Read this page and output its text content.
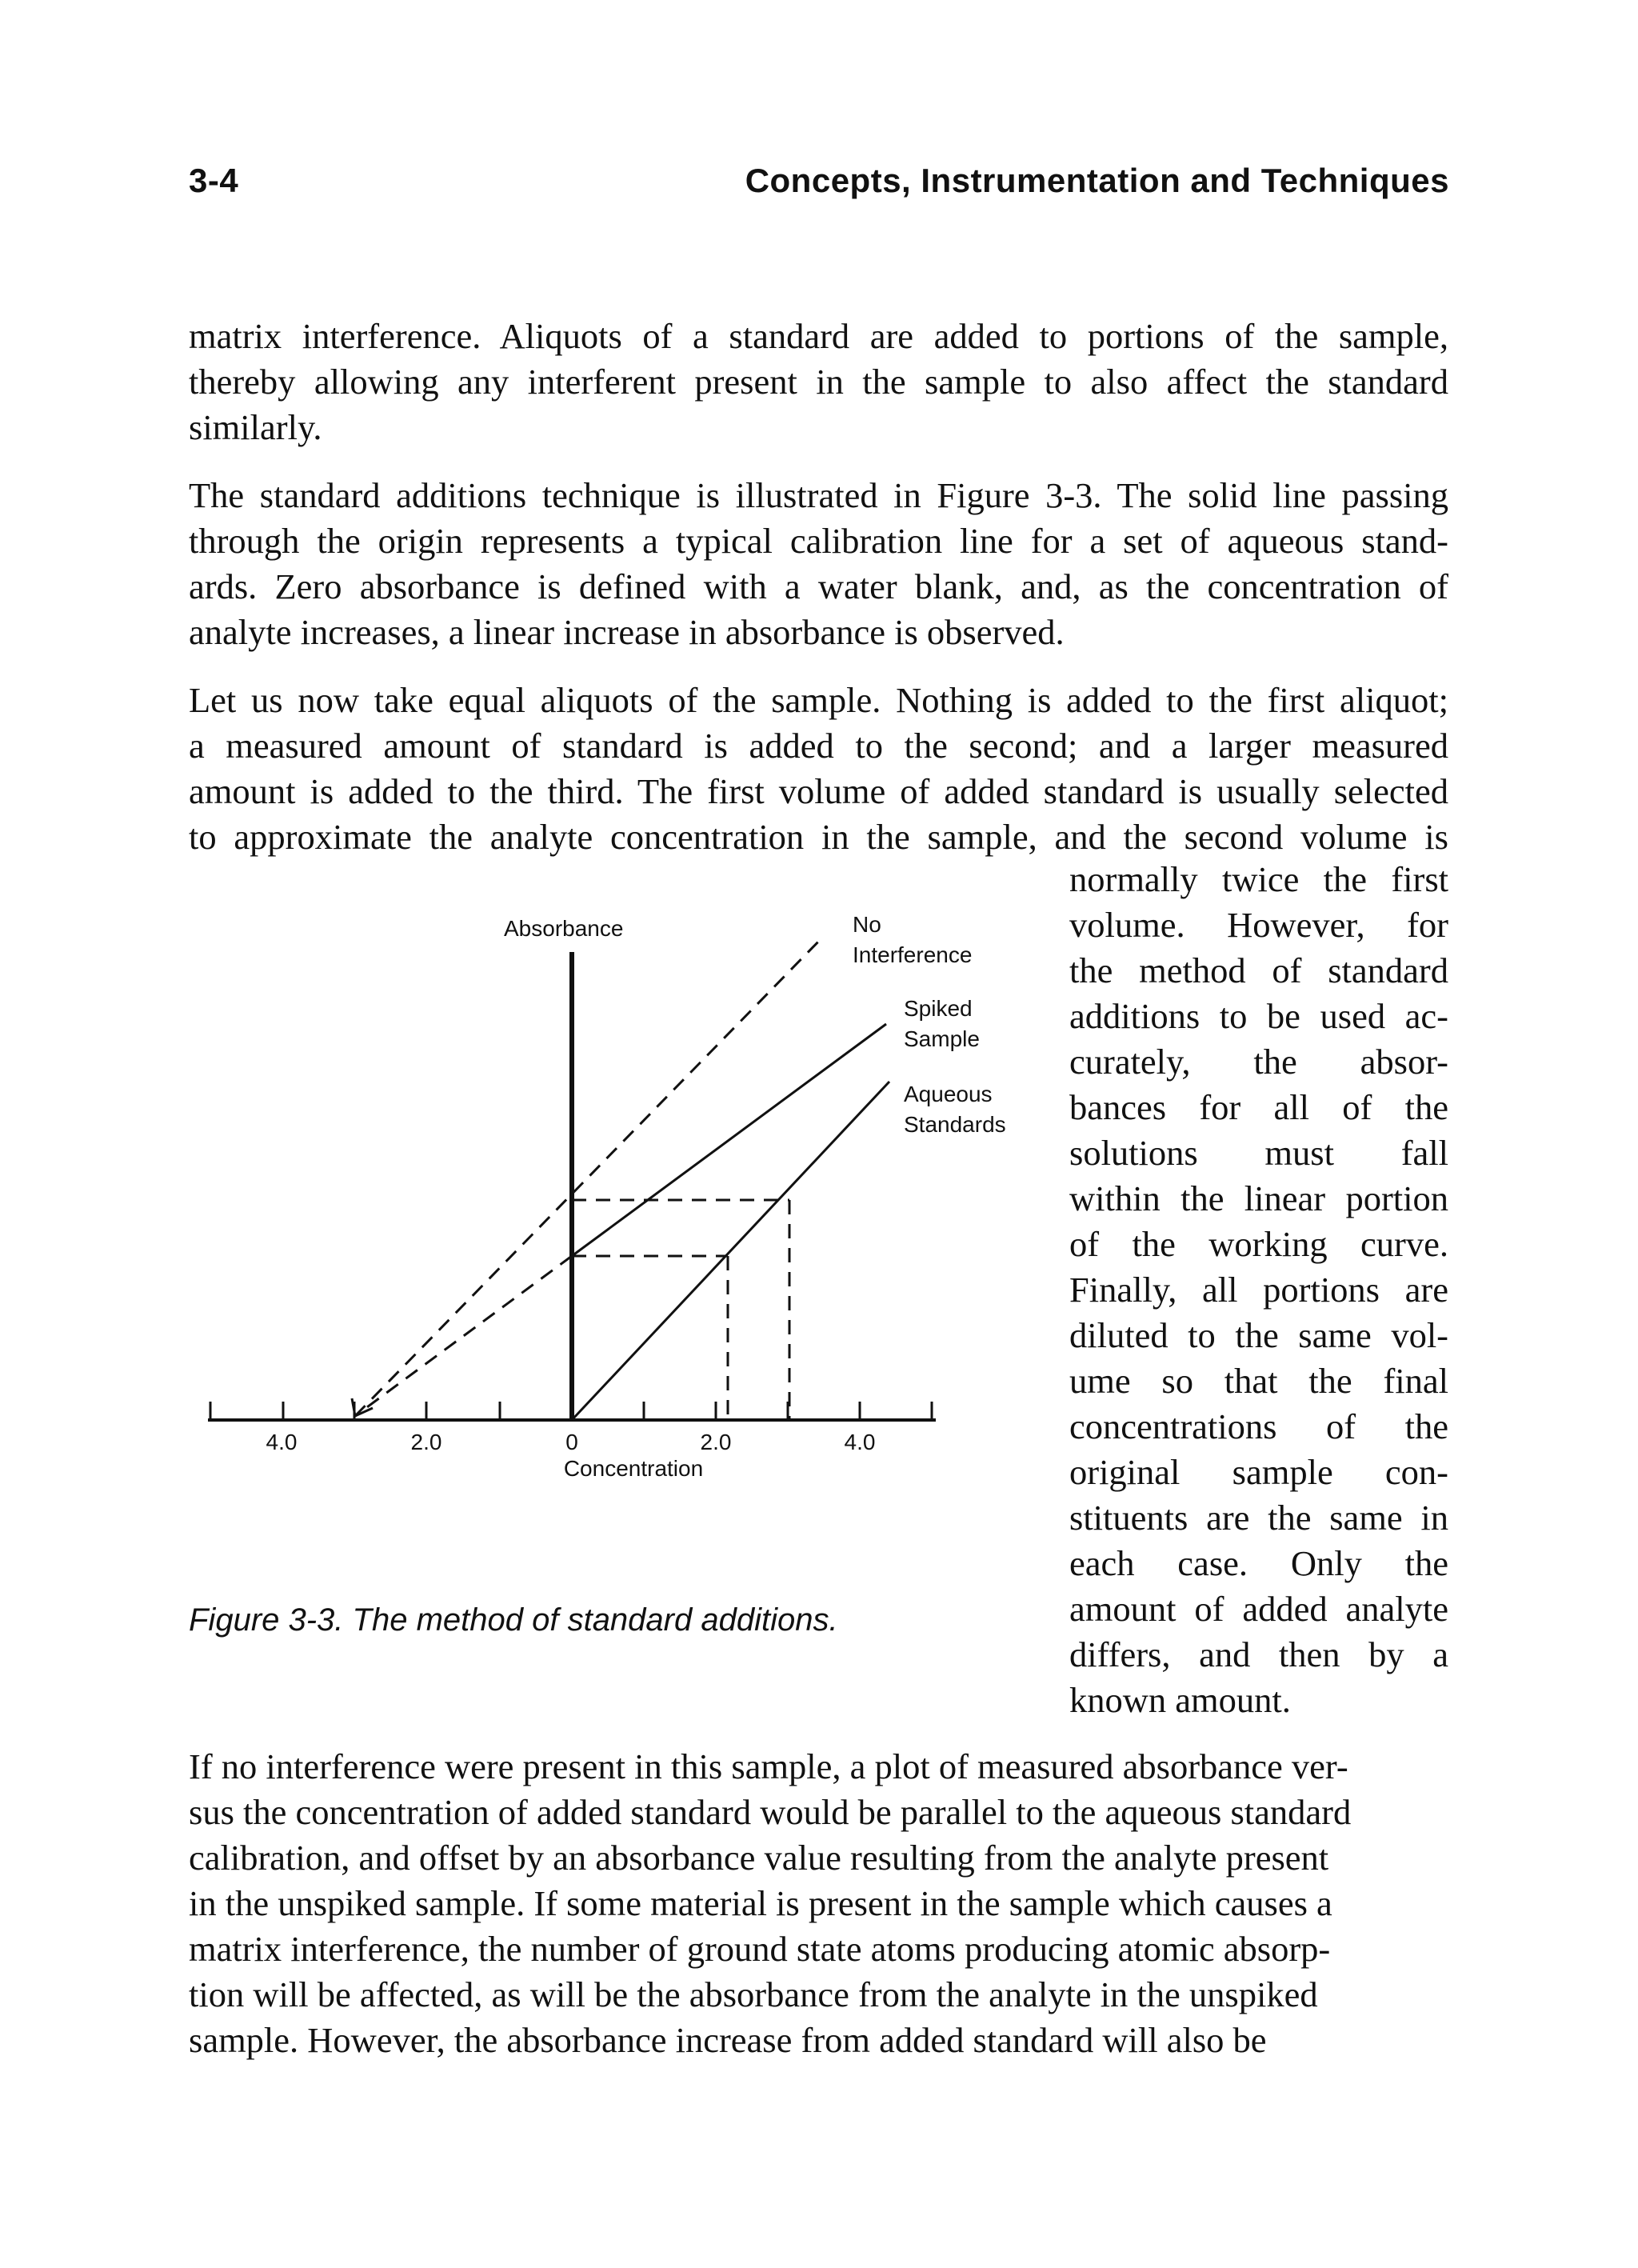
3-4	Concepts, Instrumentation and Techniques

matrix interference. Aliquots of a standard are added to portions of the sample,
thereby allowing any interferent present in the sample to also affect the standard
similarly.

The standard additions technique is illustrated in Figure 3-3. The solid line passing
through the origin represents a typical calibration line for a set of aqueous stand-
ards. Zero absorbance is defined with a water blank, and, as the concentration of
analyte increases, a linear increase in absorbance is observed.

Let us now take equal aliquots of the sample. Nothing is added to the first aliquot;
a measured amount of standard is added to the second; and a larger measured
amount is added to the third. The first volume of added standard is usually selected
to approximate the analyte concentration in the sample, and the second volume is

normally twice the first
volume. However, for
the method of standard
additions to be used ac-
curately, the absor-
bances for all of the
solutions must fall
within the linear portion
of the working curve.
Finally, all portions are
diluted to the same vol-
ume so that the final
concentrations of the
original sample con-
stituents are the same in
each case. Only the
amount of added analyte
differs, and then by a
known amount.
Absorbance
Concentration
4.0	2.0	0	2.0	4.0
No
Interference
Spiked
Sample
Aqueous
Standards
Figure 3-3. The method of standard additions.

If no interference were present in this sample, a plot of measured absorbance ver-
sus the concentration of added standard would be parallel to the aqueous standard
calibration, and offset by an absorbance value resulting from the analyte present
in the unspiked sample. If some material is present in the sample which causes a
matrix interference, the number of ground state atoms producing atomic absorp-
tion will be affected, as will be the absorbance from the analyte in the unspiked
sample. However, the absorbance increase from added standard will also be
